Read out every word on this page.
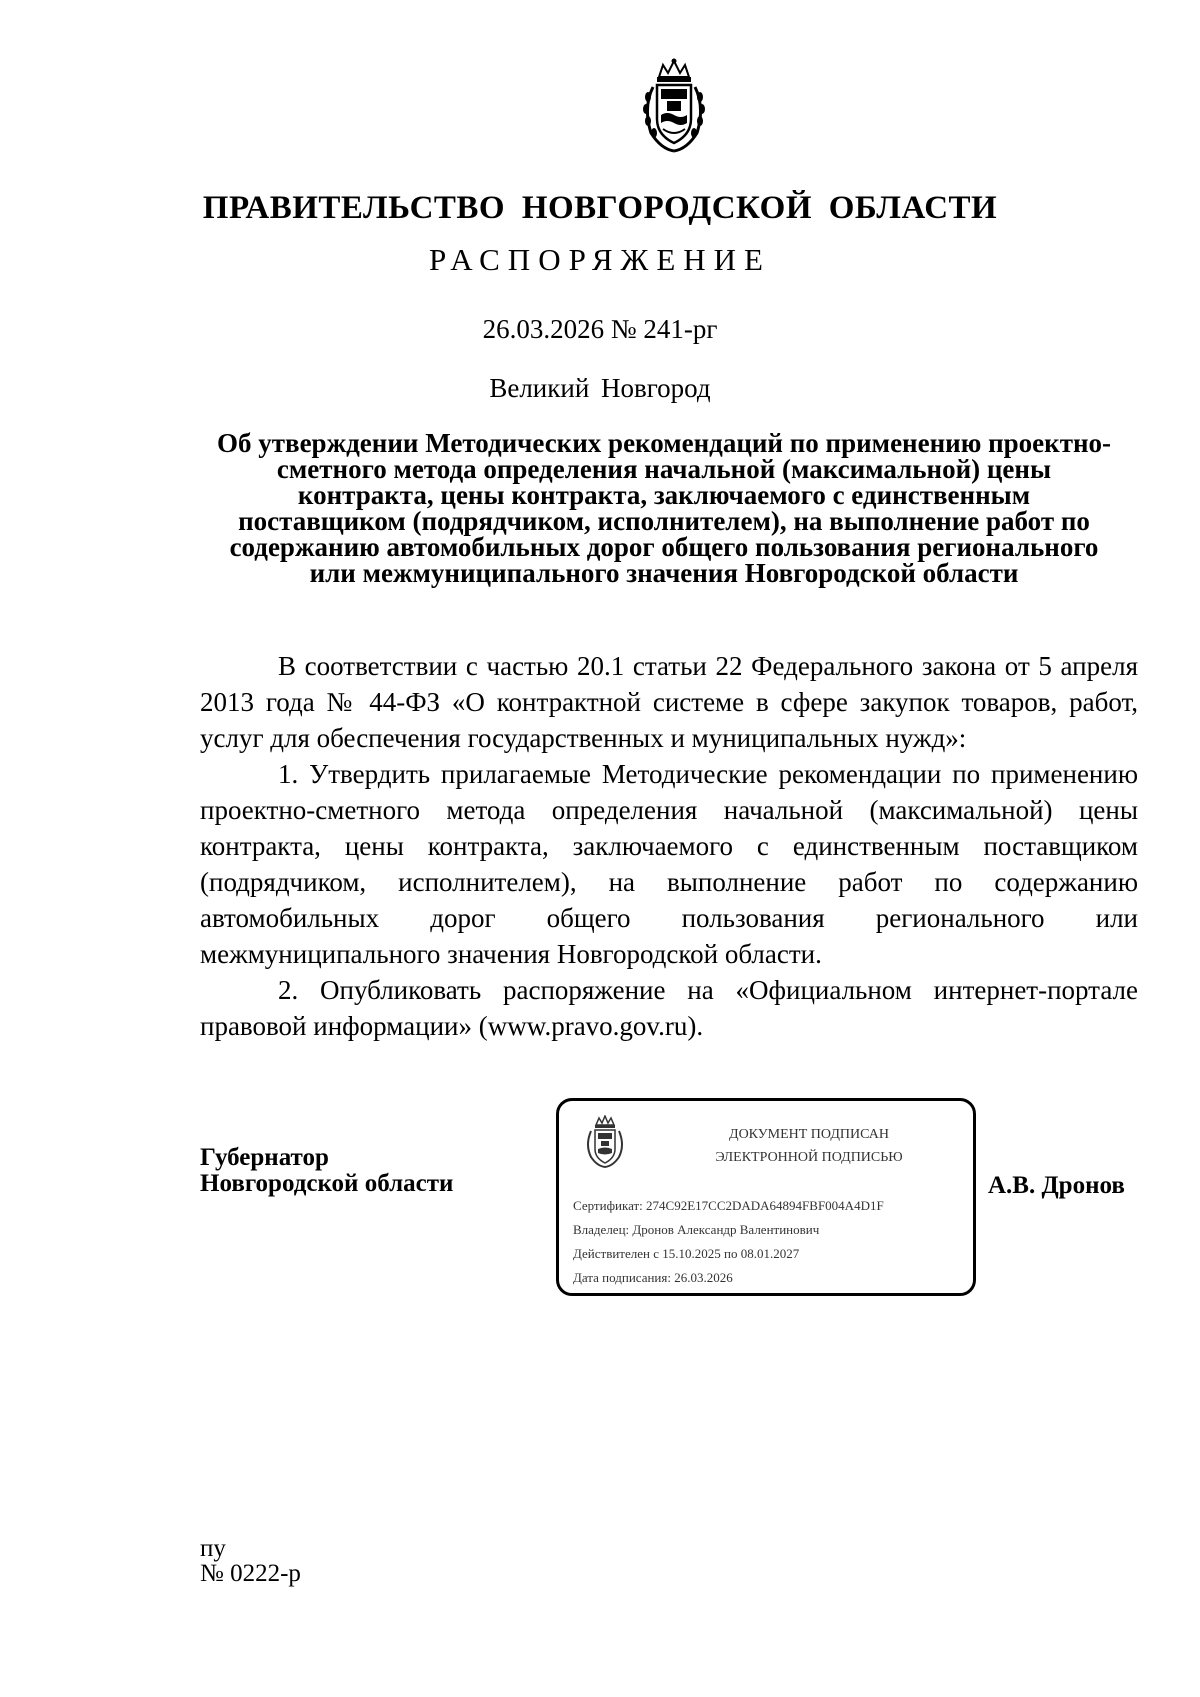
ПРАВИТЕЛЬСТВО НОВГОРОДСКОЙ ОБЛАСТИ
РАСПОРЯЖЕНИЕ
26.03.2026 № 241-рг
Великий Новгород
Об утверждении Методических рекомендаций по применению проектно-
сметного метода определения начальной (максимальной) цены
контракта, цены контракта, заключаемого с единственным
поставщиком (подрядчиком, исполнителем), на выполнение работ по
содержанию автомобильных дорог общего пользования регионального
или межмуниципального значения Новгородской области

В соответствии с частью 20.1 статьи 22 Федерального закона от 5 апреля 2013 года № 44-ФЗ «О контрактной системе в сфере закупок товаров, работ, услуг для обеспечения государственных и муниципальных нужд»:

1. Утвердить прилагаемые Методические рекомендации по применению проектно-сметного метода определения начальной (максимальной) цены контракта, цены контракта, заключаемого с единственным поставщиком (подрядчиком, исполнителем), на выполнение работ по содержанию автомобильных дорог общего пользования регионального или межмуниципального значения Новгородской области.

2. Опубликовать распоряжение на «Официальном интернет-портале правовой информации» (www.pravo.gov.ru).

Губернатор
Новгородской области
ДОКУМЕНТ ПОДПИСАН
ЭЛЕКТРОННОЙ ПОДПИСЬЮ
Сертификат: 274C92E17CC2DADA64894FBF004A4D1F
Владелец: Дронов Александр Валентинович
Действителен с 15.10.2025 по 08.01.2027
Дата подписания: 26.03.2026
А.В. Дронов
пу
№ 0222-р
